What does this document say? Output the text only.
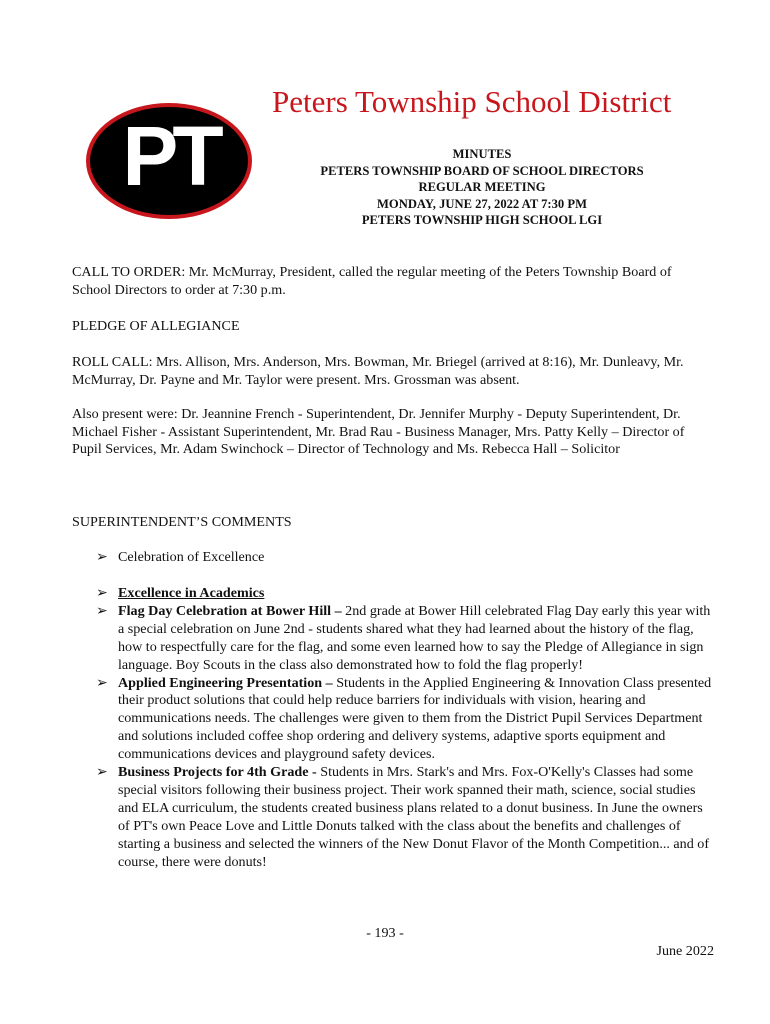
PT
Peters Township School District
MINUTES
PETERS TOWNSHIP BOARD OF SCHOOL DIRECTORS
REGULAR MEETING
MONDAY, JUNE 27, 2022 AT 7:30 PM
PETERS TOWNSHIP HIGH SCHOOL LGI
CALL TO ORDER: Mr. McMurray, President, called the regular meeting of the Peters Township Board of School Directors to order at 7:30 p.m.
PLEDGE OF ALLEGIANCE
ROLL CALL: Mrs. Allison, Mrs. Anderson, Mrs. Bowman, Mr. Briegel (arrived at 8:16), Mr. Dunleavy, Mr. McMurray, Dr. Payne and Mr. Taylor were present. Mrs. Grossman was absent.
Also present were: Dr. Jeannine French - Superintendent, Dr. Jennifer Murphy - Deputy Superintendent, Dr. Michael Fisher - Assistant Superintendent, Mr. Brad Rau - Business Manager, Mrs. Patty Kelly – Director of Pupil Services, Mr. Adam Swinchock – Director of Technology and Ms. Rebecca Hall – Solicitor
SUPERINTENDENT’S COMMENTS
➢ Celebration of Excellence
➢ Excellence in Academics
➢ Flag Day Celebration at Bower Hill – 2nd grade at Bower Hill celebrated Flag Day early this year with a special celebration on June 2nd - students shared what they had learned about the history of the flag, how to respectfully care for the flag, and some even learned how to say the Pledge of Allegiance in sign language. Boy Scouts in the class also demonstrated how to fold the flag properly!
➢ Applied Engineering Presentation – Students in the Applied Engineering & Innovation Class presented their product solutions that could help reduce barriers for individuals with vision, hearing and communications needs. The challenges were given to them from the District Pupil Services Department and solutions included coffee shop ordering and delivery systems, adaptive sports equipment and communications devices and playground safety devices.
➢ Business Projects for 4th Grade - Students in Mrs. Stark's and Mrs. Fox-O'Kelly's Classes had some special visitors following their business project. Their work spanned their math, science, social studies and ELA curriculum, the students created business plans related to a donut business. In June the owners of PT's own Peace Love and Little Donuts talked with the class about the benefits and challenges of starting a business and selected the winners of the New Donut Flavor of the Month Competition... and of course, there were donuts!
- 193 -
June 2022
